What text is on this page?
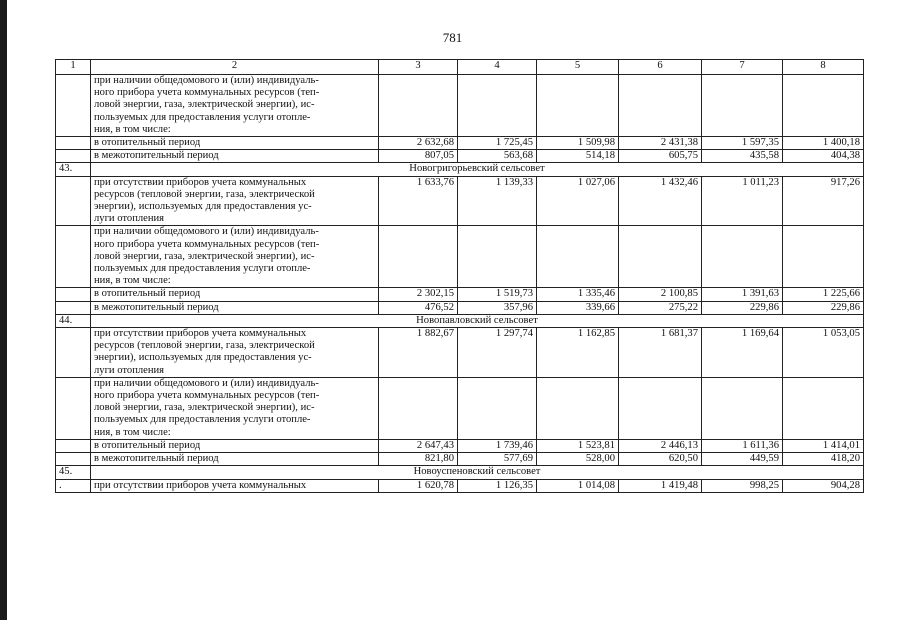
781
1	2	3	4	5	6	7	8

	при наличии общедомового и (или) индивидуаль-
ного прибора учета коммунальных ресурсов (теп-
ловой энергии, газа, электрической энергии), ис-
пользуемых для предоставления услуги отопле-
ния, в том числе:						

	в отопительный период	2 632,68	1 725,45	1 509,98	2 431,38	1 597,35	1 400,18

	в межотопительный период	807,05	563,68	514,18	605,75	435,58	404,38
43.	Новогригорьевский сельсовет						

	при отсутствии приборов учета коммунальных
ресурсов (тепловой энергии, газа, электрической
энергии), используемых для предоставления ус-
луги отопления	1 633,76	1 139,33	1 027,06	1 432,46	1 011,23	917,26

	при наличии общедомового и (или) индивидуаль-
ного прибора учета коммунальных ресурсов (теп-
ловой энергии, газа, электрической энергии), ис-
пользуемых для предоставления услуги отопле-
ния, в том числе:						

	в отопительный период	2 302,15	1 519,73	1 335,46	2 100,85	1 391,63	1 225,66

	в межотопительный период	476,52	357,96	339,66	275,22	229,86	229,86
44.	Новопавловский сельсовет						

	при отсутствии приборов учета коммунальных
ресурсов (тепловой энергии, газа, электрической
энергии), используемых для предоставления ус-
луги отопления	1 882,67	1 297,74	1 162,85	1 681,37	1 169,64	1 053,05

	при наличии общедомового и (или) индивидуаль-
ного прибора учета коммунальных ресурсов (теп-
ловой энергии, газа, электрической энергии), ис-
пользуемых для предоставления услуги отопле-
ния, в том числе:						

	в отопительный период	2 647,43	1 739,46	1 523,81	2 446,13	1 611,36	1 414,01

	в межотопительный период	821,80	577,69	528,00	620,50	449,59	418,20
45.	Новоуспеновский сельсовет						
.	при отсутствии приборов учета коммунальных	1 620,78	1 126,35	1 014,08	1 419,48	998,25	904,28
